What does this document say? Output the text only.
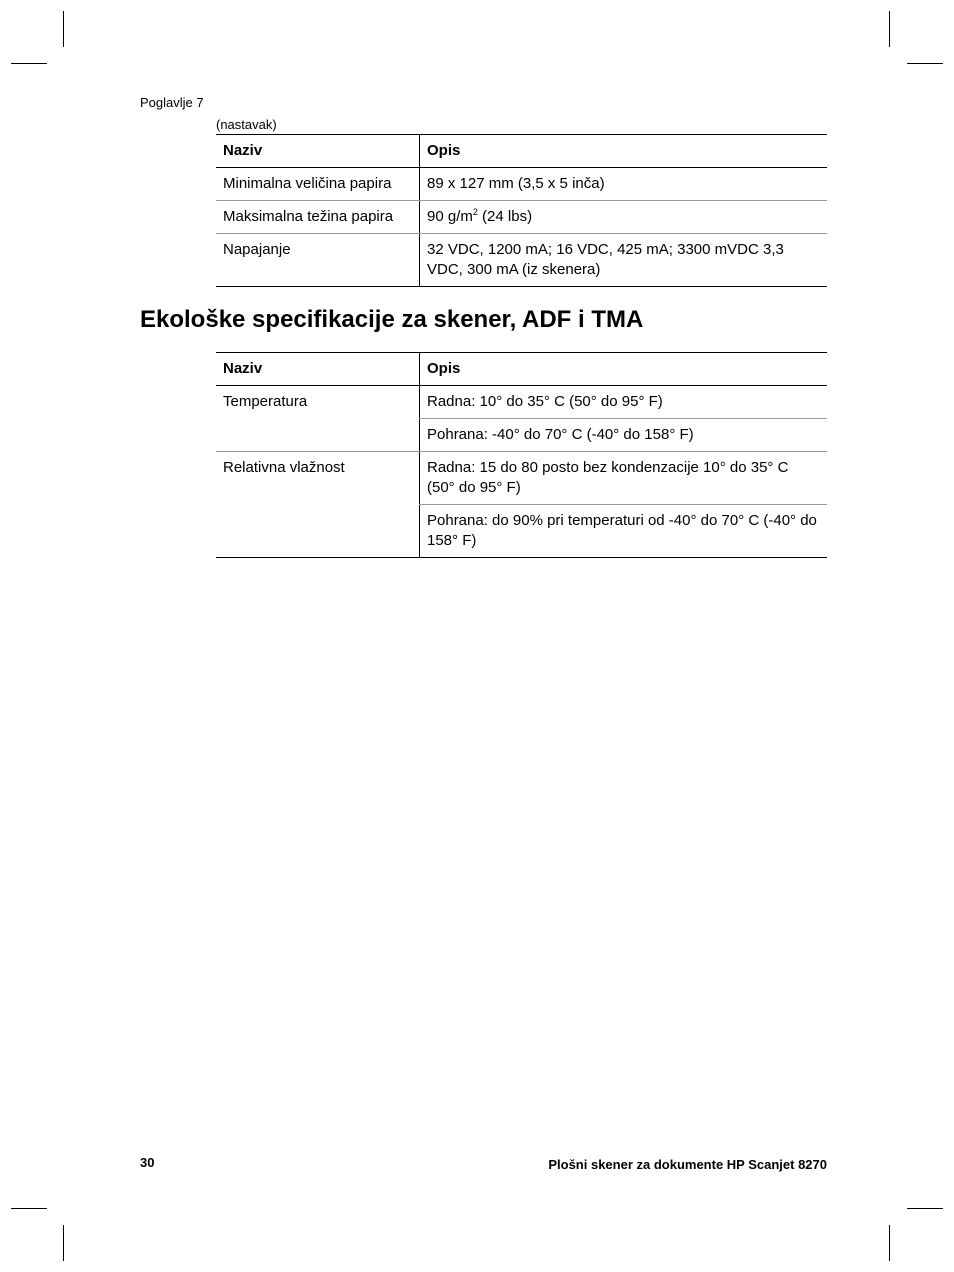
Poglavlje 7
(nastavak)
Naziv	Opis
Minimalna veličina papira	89 x 127 mm (3,5 x 5 inča)
Maksimalna težina papira	90 $g/m^2$ (24 lbs)
Napajanje	32 VDC, 1200 mA; 16 VDC, 425 mA; 3300 mVDC 3,3 VDC, 300 mA (iz skenera)
Ekološke specifikacije za skener, ADF i TMA
Naziv	Opis
Temperatura	Radna: 10° do 35° C (50° do 95° F)
	Pohrana: -40° do 70° C (-40° do 158° F)
Relativna vlažnost	Radna: 15 do 80 posto bez kondenzacije 10° do 35° C (50° do 95° F)
	Pohrana: do 90% pri temperaturi od -40° do 70° C (-40° do 158° F)
30	Plošni skener za dokumente HP Scanjet 8270
